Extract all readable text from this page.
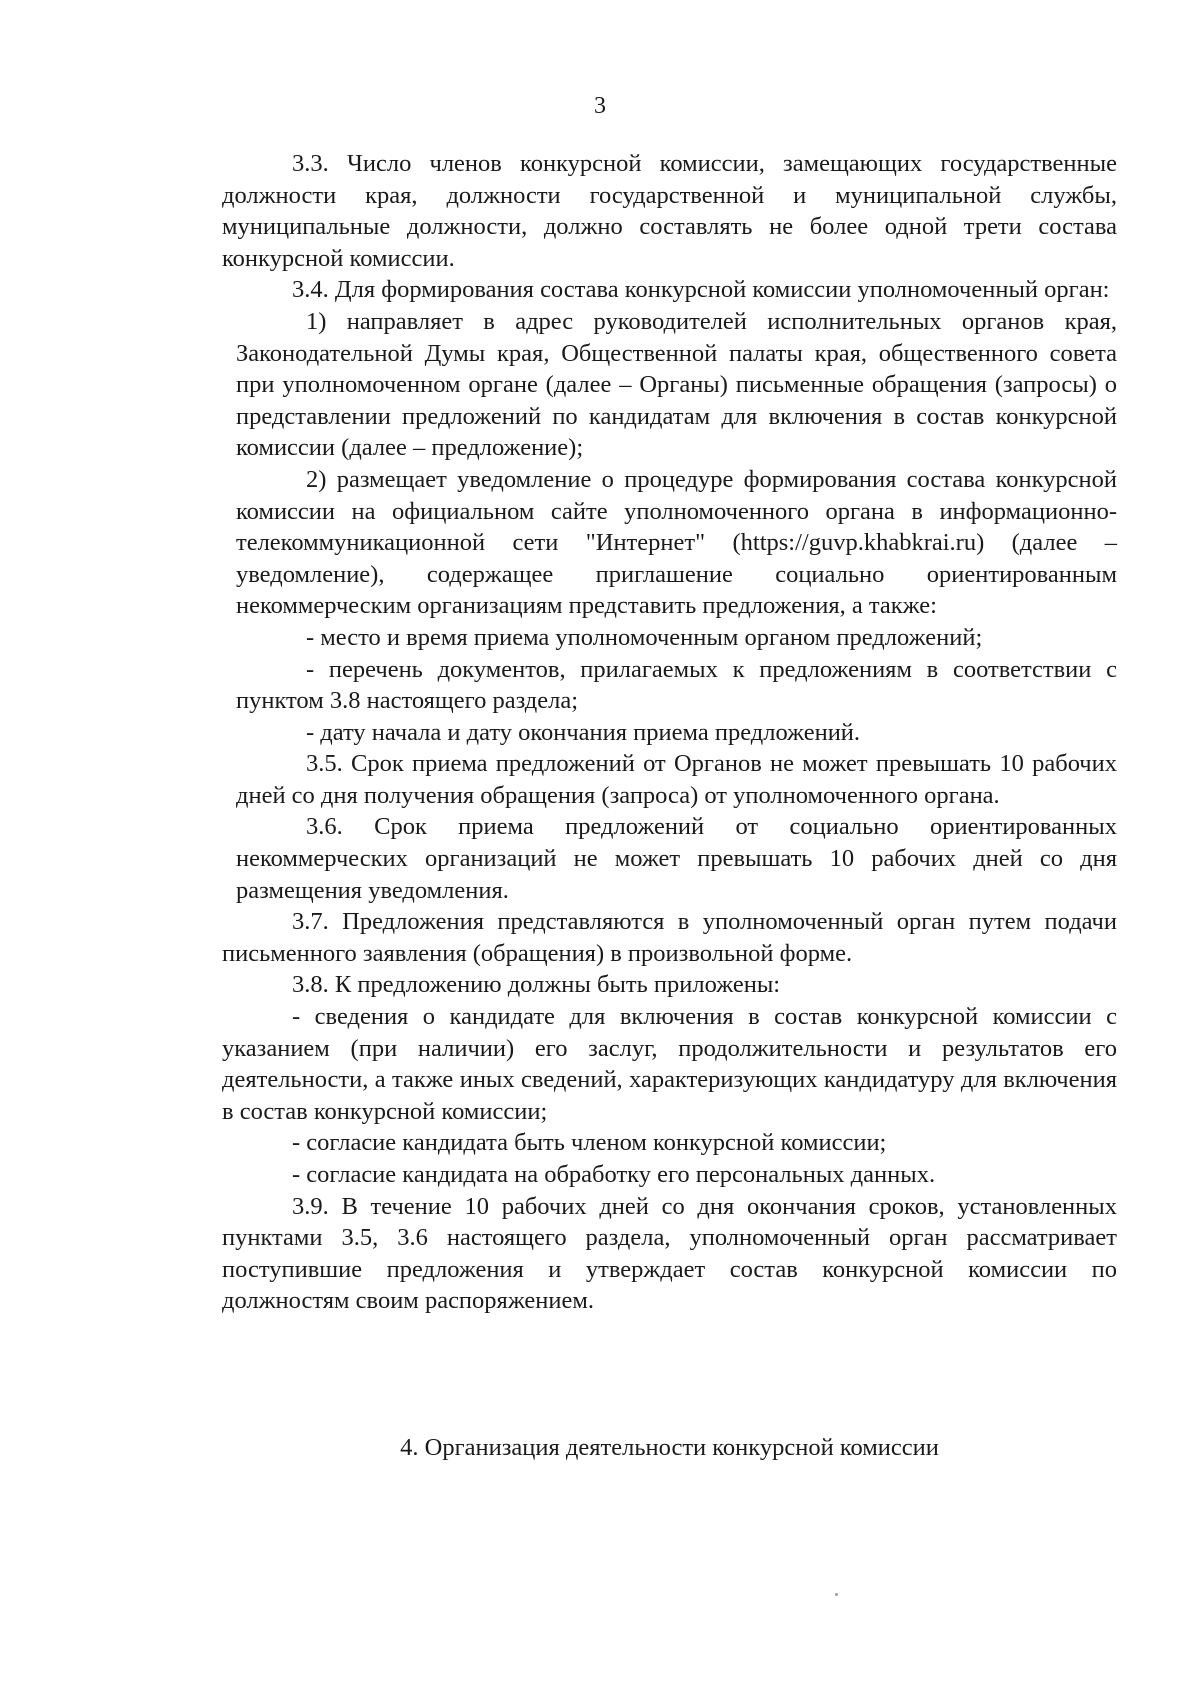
3

3.3. Число членов конкурсной комиссии, замещающих государственные должности края, должности государственной и муниципальной службы, муниципальные должности, должно составлять не более одной трети состава конкурсной комиссии.

3.4. Для формирования состава конкурсной комиссии уполномоченный орган:

1) направляет в адрес руководителей исполнительных органов края, Законодательной Думы края, Общественной палаты края, общественного совета при уполномоченном органе (далее – Органы) письменные обращения (запросы) о представлении предложений по кандидатам для включения в состав конкурсной комиссии (далее – предложение);

2) размещает уведомление о процедуре формирования состава конкурсной комиссии на официальном сайте уполномоченного органа в информационно-телекоммуникационной сети "Интернет" (https://guvp.khabkrai.ru) (далее – уведомление), содержащее приглашение социально ориентированным некоммерческим организациям представить предложения, а также:

- место и время приема уполномоченным органом предложений;

- перечень документов, прилагаемых к предложениям в соответствии с пунктом 3.8 настоящего раздела;

- дату начала и дату окончания приема предложений.

3.5. Срок приема предложений от Органов не может превышать 10 рабочих дней со дня получения обращения (запроса) от уполномоченного органа.

3.6. Срок приема предложений от социально ориентированных некоммерческих организаций не может превышать 10 рабочих дней со дня размещения уведомления.

3.7. Предложения представляются в уполномоченный орган путем подачи письменного заявления (обращения) в произвольной форме.

3.8. К предложению должны быть приложены:

- сведения о кандидате для включения в состав конкурсной комиссии с указанием (при наличии) его заслуг, продолжительности и результатов его деятельности, а также иных сведений, характеризующих кандидатуру для включения в состав конкурсной комиссии;

- согласие кандидата быть членом конкурсной комиссии;

- согласие кандидата на обработку его персональных данных.

3.9. В течение 10 рабочих дней со дня окончания сроков, установленных пунктами 3.5, 3.6 настоящего раздела, уполномоченный орган рассматривает поступившие предложения и утверждает состав конкурсной комиссии по должностям своим распоряжением.

4. Организация деятельности конкурсной комиссии
